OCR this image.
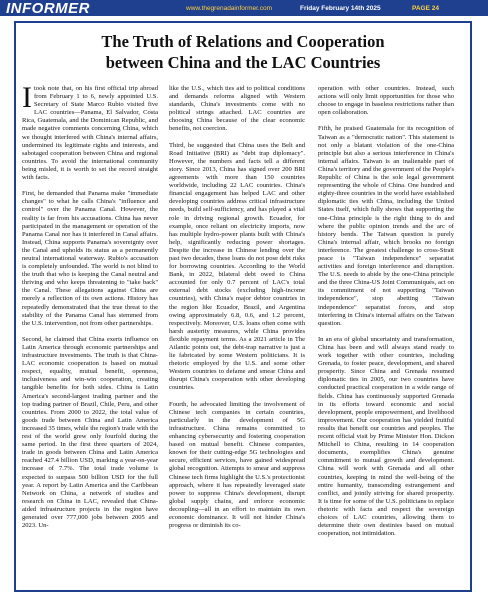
INFORMER	www.thegrenadainformer.com	Friday February 14th 2025	PAGE 24
The Truth of Relations and Cooperation
between China and the LAC Countries

Itook note that, on his first official trip abroad from February 1 to 6, newly appointed U.S. Secretary of State Marco Rubio visited five LAC countries—Panama, El Salvador, Costa Rica, Guatemala, and the Dominican Republic, and made negative comments concerning China, which we thought interfered with China's internal affairs, undermined its legitimate rights and interests, and sabotaged cooperation between China and regional countries. To avoid the international community being misled, it is worth to set the record straight with facts.

First, he demanded that Panama make "immediate changes" to what he calls China's "influence and control" over the Panama Canal. However, the reality is far from his accusations. China has never participated in the management or operation of the Panama Canal nor has it interfered in Canal affairs. Instead, China supports Panama's sovereignty over the Canal and upholds its status as a permanently neutral international waterway. Rubio's accusation is completely unfounded. The world is not blind to the truth that who is keeping the Canal neutral and thriving and who keeps threatening to "take back" the Canal. These allegations against China are merely a reflection of its own actions. History has repeatedly demonstrated that the true threat to the stability of the Panama Canal has stemmed from the U.S. intervention, not from other partnerships.

Second, he claimed that China exerts influence on Latin America through economic partnerships and infrastructure investments. The truth is that China-LAC economic cooperation is based on mutual respect, equality, mutual benefit, openness, inclusiveness and win-win cooperation, creating tangible benefits for both sides. China is Latin America's second-largest trading partner and the top trading partner of Brazil, Chile, Peru, and other countries. From 2000 to 2022, the total value of goods trade between China and Latin America increased 35 times, while the region's trade with the rest of the world grew only fourfold during the same period. In the first three quarters of 2024, trade in goods between China and Latin America reached 427.4 billion USD, marking a year-on-year increase of 7.7%. The total trade volume is expected to surpass 500 billion USD for the full year. A report by Latin America and the Caribbean Network on China, a network of studies and research on China in LAC, revealed that China-aided infrastructure projects in the region have generated over 777,000 jobs between 2005 and 2023. Un-

like the U.S., which ties aid to political conditions and demands reforms aligned with Western standards, China's investments come with no political strings attached. LAC countries are choosing China because of the clear economic benefits, not coercion.

Third, he suggested that China uses the Belt and Road Initiative (BRI) as "debt trap diplomacy". However, the numbers and facts tell a different story. Since 2013, China has signed over 200 BRI agreements with more than 150 countries worldwide, including 22 LAC countries. China's financial engagement has helped LAC and other developing countries address critical infrastructure needs, build self-sufficiency, and has played a vital role in driving regional growth. Ecuador, for example, once reliant on electricity imports, now has multiple hydro-power plants built with China's help, significantly reducing power shortages. Despite the increase in Chinese lending over the past two decades, these loans do not pose debt risks for borrowing countries. According to the World Bank, in 2022, bilateral debt owed to China accounted for only 0.7 percent of LAC's total external debt stocks (excluding high-income countries), with China's major debtor countries in the region like Ecuador, Brazil, and Argentina owing approximately 6.8, 0.6, and 1.2 percent, respectively. Moreover, U.S. loans often come with harsh austerity measures, while China provides flexible repayment terms. As a 2021 article in The Atlantic points out, the debt-trap narrative is just a lie fabricated by some Western politicians. It is rhetoric employed by the U.S. and some other Western countries to defame and smear China and disrupt China's cooperation with other developing countries.

Fourth, he advocated limiting the involvement of Chinese tech companies in certain countries, particularly in the development of 5G infrastructure. China remains committed to enhancing cybersecurity and fostering cooperation based on mutual benefit. Chinese companies, known for their cutting-edge 5G technologies and secure, efficient services, have gained widespread global recognition. Attempts to smear and suppress Chinese tech firms highlight the U.S.'s protectionist approach, where it has repeatedly leveraged state power to suppress China's development, disrupt global supply chains, and enforce economic decoupling—all in an effort to maintain its own economic dominance. It will not hinder China's progress or diminish its co-

operation with other countries. Instead, such actions will only limit opportunities for those who choose to engage in baseless restrictions rather than open collaboration.

Fifth, he praised Guatemala for its recognition of Taiwan as a "democratic nation". This statement is not only a blatant violation of the one-China principle but also a serious interference in China's internal affairs. Taiwan is an inalienable part of China's territory and the government of the People's Republic of China is the sole legal government representing the whole of China. One hundred and eighty-three countries in the world have established diplomatic ties with China, including the United States itself, which fully shows that supporting the one-China principle is the right thing to do and where the public opinion trends and the arc of history bends. The Taiwan question is purely China's internal affair, which brooks no foreign interference. The greatest challenge to cross-Strait peace is "Taiwan independence" separatist activities and foreign interference and disruption. The U.S. needs to abide by the one-China principle and the three China-US Joint Communiqués, act on its commitment of not supporting "Taiwan independence", stop abetting "Taiwan independence" separatist forces, and stop interfering in China's internal affairs on the Taiwan question.

In an era of global uncertainty and transformation, China has been and will always stand ready to work together with other countries, including Grenada, to foster peace, development, and shared prosperity. Since China and Grenada resumed diplomatic ties in 2005, our two countries have conducted practical cooperation in a wide range of fields. China has continuously supported Grenada in its efforts toward economic and social development, people empowerment, and livelihood improvement. Our cooperation has yielded fruitful results that benefit our countries and peoples. The recent official visit by Prime Minister Hon. Dickon Mitchell to China, resulting in 14 cooperation documents, exemplifies China's genuine commitment to mutual growth and development. China will work with Grenada and all other countries, keeping in mind the well-being of the entire humanity, transcending estrangement and conflict, and jointly striving for shared prosperity. It is time for some of the U.S. politicians to replace rhetoric with facts and respect the sovereign choices of LAC countries, allowing them to determine their own destinies based on mutual cooperation, not intimidation.
